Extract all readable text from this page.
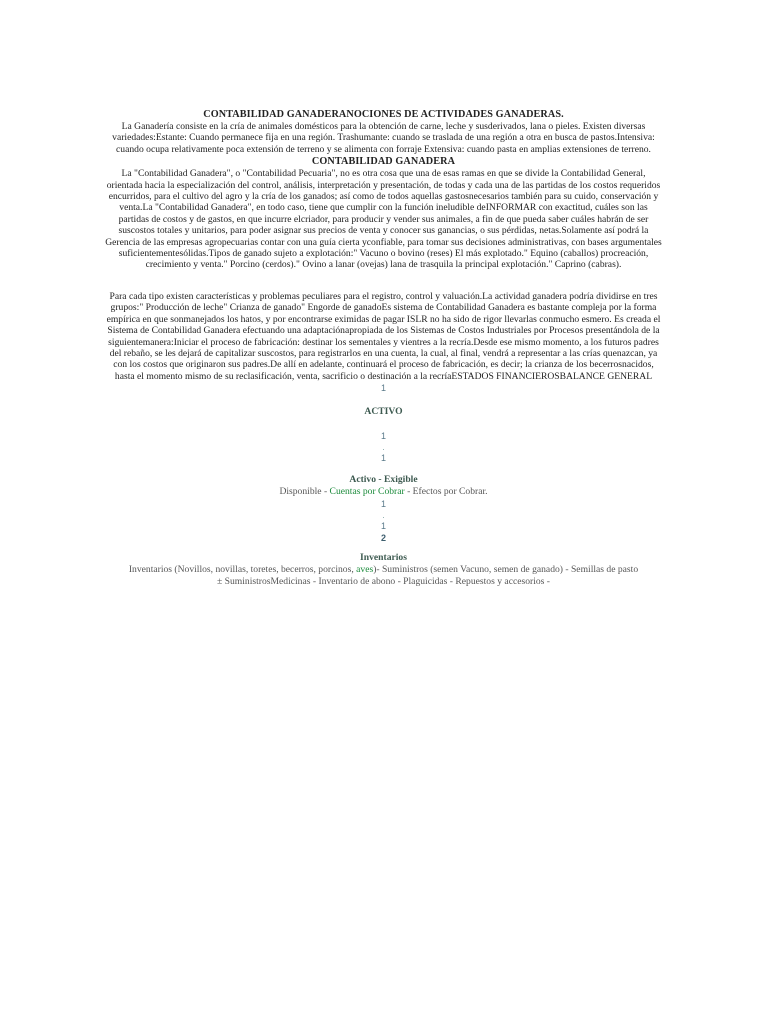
CONTABILIDAD GANADERANOCIONES DE ACTIVIDADES GANADERAS.

La Ganadería consiste en la cría de animales domésticos para la obtención de carne, leche y susderivados, lana o pieles. Existen diversas variedades:Estante: Cuando permanece fija en una región. Trashumante: cuando se traslada de una región a otra en busca de pastos.Intensiva: cuando ocupa relativamente poca extensión de terreno y se alimenta con forraje Extensiva: cuando pasta en amplias extensiones de terreno.

CONTABILIDAD GANADERA

La "Contabilidad Ganadera", o "Contabilidad Pecuaria", no es otra cosa que una de esas ramas en que se divide la Contabilidad General, orientada hacia la especialización del control, análisis, interpretación y presentación, de todas y cada una de las partidas de los costos requeridos encurridos, para el cultivo del agro y la cría de los ganados; así como de todos aquellas gastosnecesarios también para su cuido, conservación y venta.La "Contabilidad Ganadera", en todo caso, tiene que cumplir con la función ineludible deINFORMAR con exactitud, cuáles son las partidas de costos y de gastos, en que incurre elcriador, para producir y vender sus animales, a fin de que pueda saber cuáles habrán de ser suscostos totales y unitarios, para poder asignar sus precios de venta y conocer sus ganancias, o sus pérdidas, netas.Solamente así podrá la Gerencia de las empresas agropecuarias contar con una guía cierta yconfiable, para tomar sus decisiones administrativas, con bases argumentales suficientementesólidas.Tipos de ganado sujeto a explotación:" Vacuno o bovino (reses) El más explotado." Equino (caballos) procreación, crecimiento y venta." Porcino (cerdos)." Ovino a lanar (ovejas) lana de trasquila la principal explotación." Caprino (cabras).

Para cada tipo existen características y problemas peculiares para el registro, control y valuación.La actividad ganadera podría dividirse en tres grupos:" Producción de leche" Crianza de ganado" Engorde de ganadoEs sistema de Contabilidad Ganadera es bastante compleja por la forma empírica en que sonmanejados los hatos, y por encontrarse eximidas de pagar ISLR no ha sido de rigor llevarlas conmucho esmero. Es creada el Sistema de Contabilidad Ganadera efectuando una adaptaciónapropiada de los Sistemas de Costos Industriales por Procesos presentándola de la siguientemanera:Iniciar el proceso de fabricación: destinar los sementales y vientres a la recría.Desde ese mismo momento, a los futuros padres del rebaño, se les dejará de capitalizar suscostos, para registrarlos en una cuenta, la cual, al final, vendrá a representar a las crías quenazcan, ya con los costos que originaron sus padres.De allí en adelante, continuará el proceso de fabricación, es decir; la crianza de los becerrosnacidos, hasta el momento mismo de su reclasificación, venta, sacrificio o destinación a la recríaESTADOS FINANCIEROSBALANCE GENERAL

1

ACTIVO

1

.

1

Activo - Exigible

Disponible - Cuentas por Cobrar - Efectos por Cobrar.

1

.

1

2

Inventarios

Inventarios (Novillos, novillas, toretes, becerros, porcinos, aves)- Suministros (semen Vacuno, semen de ganado) - Semillas de pasto

± SuministrosMedicinas - Inventario de abono - Plaguicidas - Repuestos y accesorios -
